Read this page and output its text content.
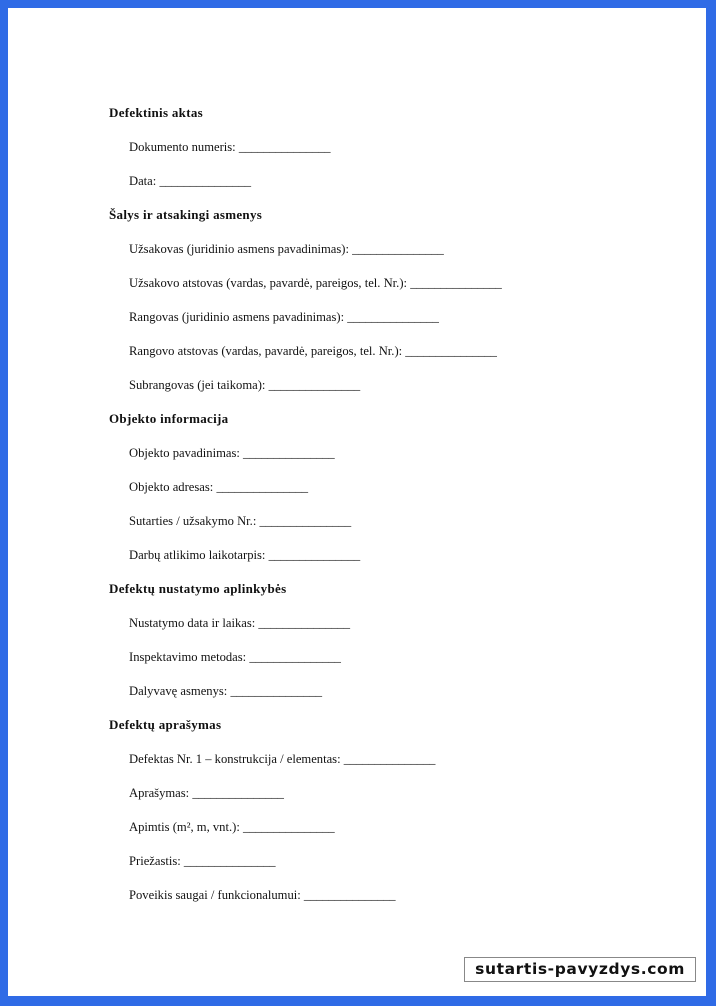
Defektinis aktas
Dokumento numeris: _______________
Data: _______________
Šalys ir atsakingi asmenys
Užsakovas (juridinio asmens pavadinimas): _______________
Užsakovo atstovas (vardas, pavardė, pareigos, tel. Nr.): _______________
Rangovas (juridinio asmens pavadinimas): _______________
Rangovo atstovas (vardas, pavardė, pareigos, tel. Nr.): _______________
Subrangovas (jei taikoma): _______________
Objekto informacija
Objekto pavadinimas: _______________
Objekto adresas: _______________
Sutarties / užsakymo Nr.: _______________
Darbų atlikimo laikotarpis: _______________
Defektų nustatymo aplinkybės
Nustatymo data ir laikas: _______________
Inspektavimo metodas: _______________
Dalyvavę asmenys: _______________
Defektų aprašymas
Defektas Nr. 1 – konstrukcija / elementas: _______________
Aprašymas: _______________
Apimtis (m², m, vnt.): _______________
Priežastis: _______________
Poveikis saugai / funkcionalumui: _______________
sutartis-pavyzdys.com
